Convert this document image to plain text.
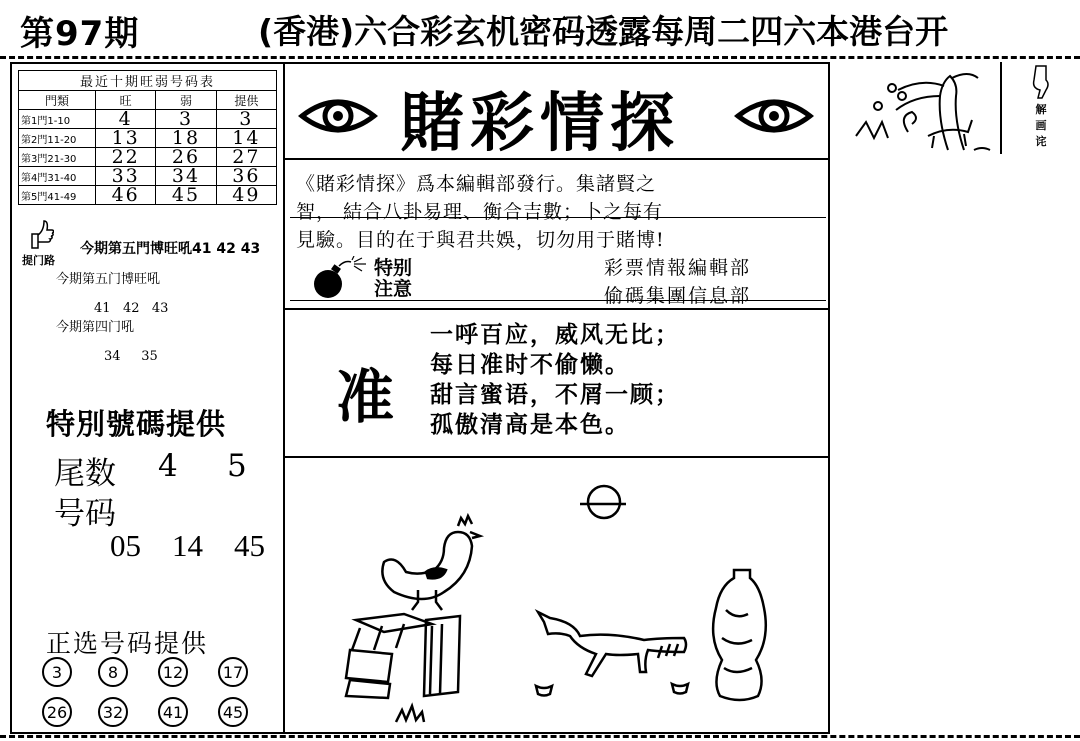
第97期	(香港)六合彩玄机密码透露每周二四六本港台开
最近十期旺弱号码表			
門類	旺	弱	提供
第1門1-10	4	3	3
第2門11-20	13	18	14
第3門21-30	22	26	27
第4門31-40	33	34	36
第5門41-49	46	45	49
提门路
今期第五門博旺吼41 42 43
今期第五门博旺吼
41   42   43
今期第四门吼
34     35
特別號碼提供
尾数 4     5
号码
05    14    45
正选号码提供
3	8	12	17
26	32	41	45
賭彩情探

《賭彩情探》爲本編輯部發行。集諸賢之

智， 結合八卦易理、衡合吉數；卜之每有

見驗。目的在于與君共娛，切勿用于賭博!

特别
注意
彩票情報編輯部
偷碼集團信息部
准

一呼百应，威风无比；

每日准时不偷懒。

甜言蜜语，不屑一顾；

孤傲清高是本色。

解画诧
